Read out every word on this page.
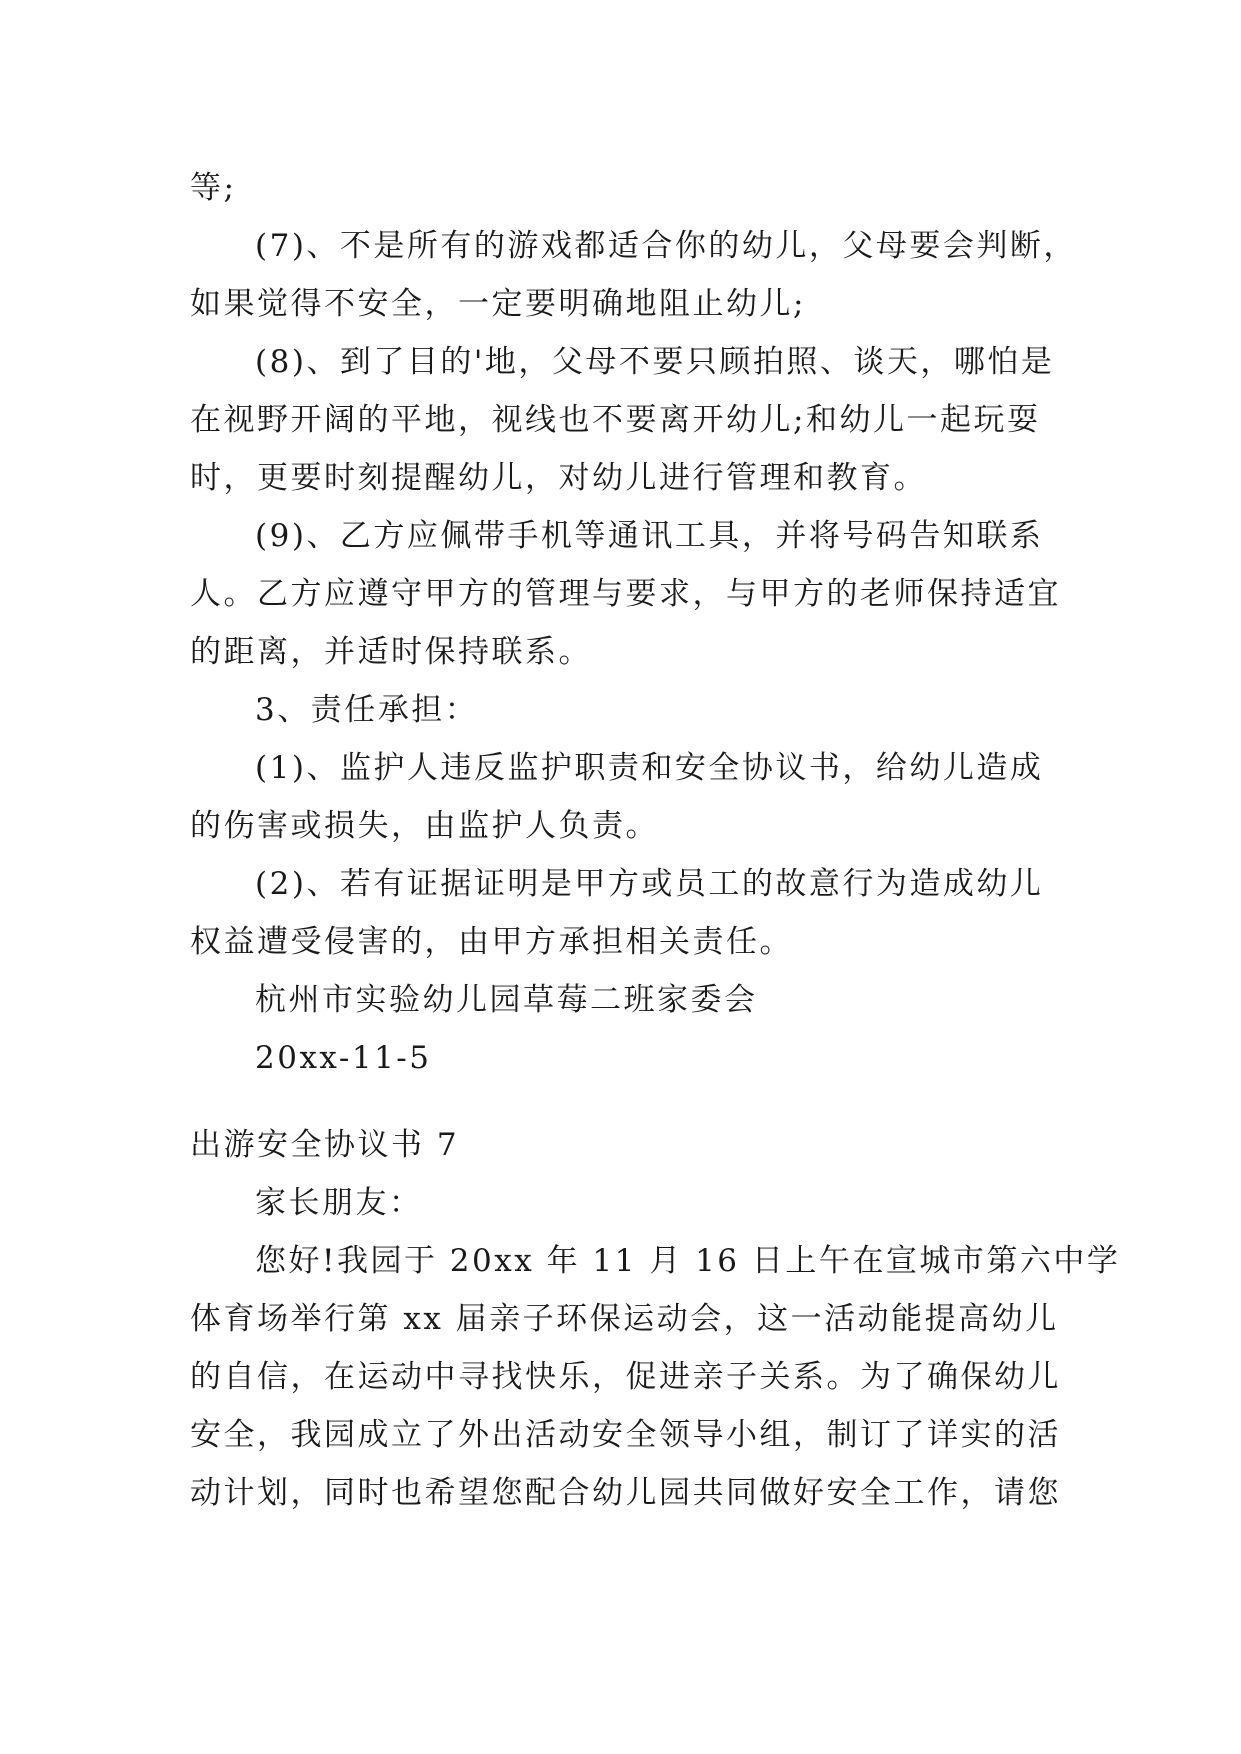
等;

(7)、不是所有的游戏都适合你的幼儿，父母要会判断，

如果觉得不安全，一定要明确地阻止幼儿;

(8)、到了目的'地，父母不要只顾拍照、谈天，哪怕是

在视野开阔的平地，视线也不要离开幼儿;和幼儿一起玩耍

时，更要时刻提醒幼儿，对幼儿进行管理和教育。

(9)、乙方应佩带手机等通讯工具，并将号码告知联系

人。乙方应遵守甲方的管理与要求，与甲方的老师保持适宜

的距离，并适时保持联系。

3、责任承担：

(1)、监护人违反监护职责和安全协议书，给幼儿造成

的伤害或损失，由监护人负责。

(2)、若有证据证明是甲方或员工的故意行为造成幼儿

权益遭受侵害的，由甲方承担相关责任。

杭州市实验幼儿园草莓二班家委会

20xx-11-5

出游安全协议书 7

家长朋友：

您好!我园于 20xx 年 11 月 16 日上午在宣城市第六中学

体育场举行第 xx 届亲子环保运动会，这一活动能提高幼儿

的自信，在运动中寻找快乐，促进亲子关系。为了确保幼儿

安全，我园成立了外出活动安全领导小组，制订了详实的活

动计划，同时也希望您配合幼儿园共同做好安全工作，请您
